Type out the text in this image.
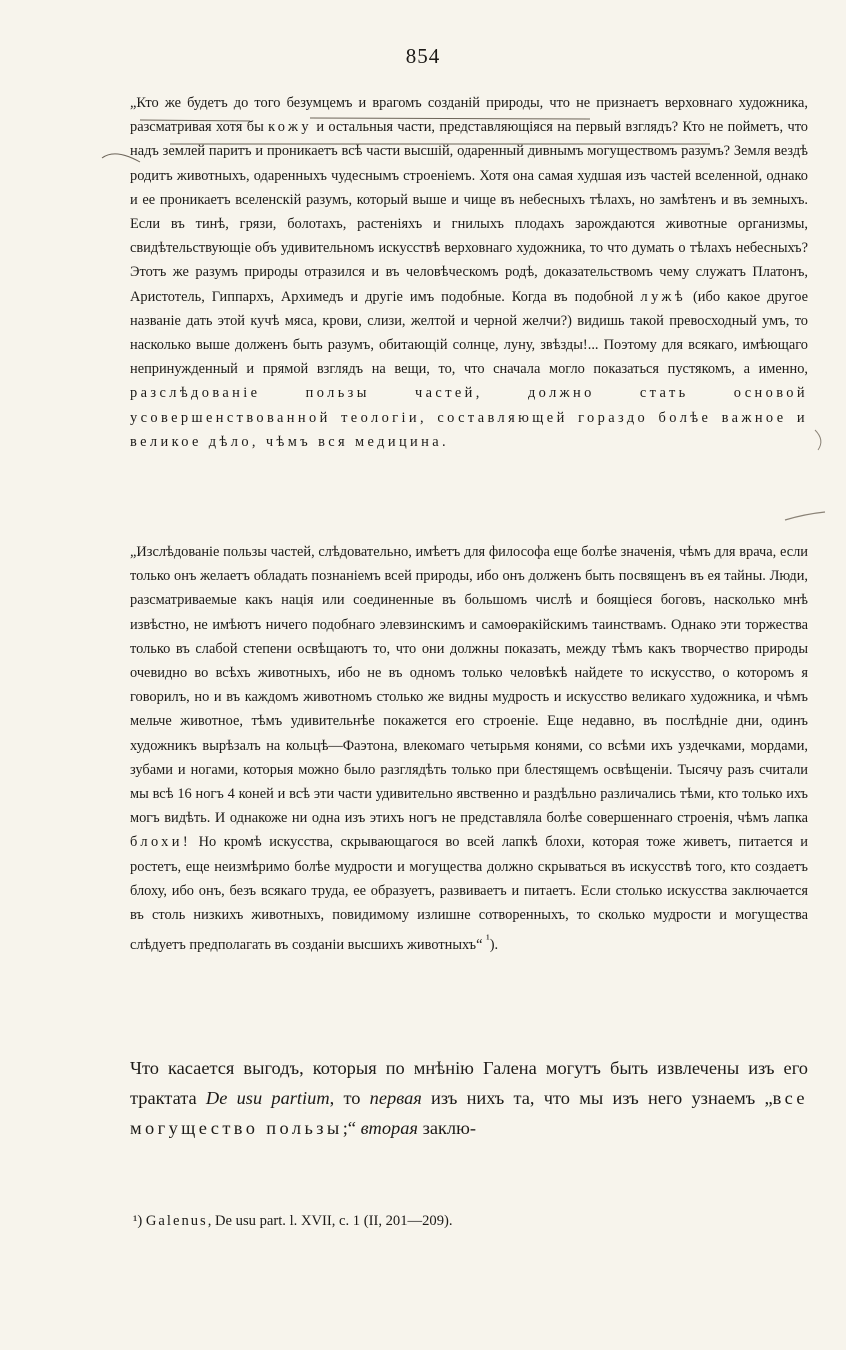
854

„Кто же будетъ до того безумцемъ и врагомъ созданій природы, что не признаетъ верховнаго художника, разсматривая хотя бы кожу и остальныя части, представляющіяся на первый взглядъ? Кто не пойметъ, что надъ землей паритъ и проникаетъ всѣ части высшій, одаренный дивнымъ могуществомъ разумъ? Земля вездѣ родитъ животныхъ, одаренныхъ чудеснымъ строеніемъ. Хотя она самая худшая изъ частей вселенной, однако и ее проникаетъ вселенскій разумъ, который выше и чище въ небесныхъ тѣлахъ, но замѣтенъ и въ земныхъ. Если въ тинѣ, грязи, болотахъ, растеніяхъ и гнилыхъ плодахъ зарождаются животные организмы, свидѣтельствующіе объ удивительномъ искусствѣ верховнаго художника, то что думать о тѣлахъ небесныхъ? Этотъ же разумъ природы отразился и въ человѣческомъ родѣ, доказательствомъ чему служатъ Платонъ, Аристотель, Гиппархъ, Архимедъ и другіе имъ подобные. Когда въ подобной лужѣ (ибо какое другое названіе дать этой кучѣ мяса, крови, слизи, желтой и черной желчи?) видишь такой превосходный умъ, то насколько выше долженъ быть разумъ, обитающій солнце, луну, звѣзды!... Поэтому для всякаго, имѣющаго непринужденный и прямой взглядъ на вещи, то, что сначала могло показаться пустякомъ, а именно, разслѣдованіе пользы частей, должно стать основой усовершенствованной теологіи, составляющей гораздо болѣе важное и великое дѣло, чѣмъ вся медицина.

„Изслѣдованіе пользы частей, слѣдовательно, имѣетъ для философа еще болѣе значенія, чѣмъ для врача, если только онъ желаетъ обладать познаніемъ всей природы, ибо онъ долженъ быть посвященъ въ ея тайны. Люди, разсматриваемые какъ нація или соединенные въ большомъ числѣ и боящіеся боговъ, насколько мнѣ извѣстно, не имѣютъ ничего подобнаго элевзинскимъ и самоѳракійскимъ таинствамъ. Однако эти торжества только въ слабой степени освѣщаютъ то, что они должны показать, между тѣмъ какъ творчество природы очевидно во всѣхъ животныхъ, ибо не въ одномъ только человѣкѣ найдете то искусство, о которомъ я говорилъ, но и въ каждомъ животномъ столько же видны мудрость и искусство великаго художника, и чѣмъ мельче животное, тѣмъ удивительнѣе покажется его строеніе. Еще недавно, въ послѣдніе дни, одинъ художникъ вырѣзалъ на кольцѣ—Фаэтона, влекомаго четырьмя конями, со всѣми ихъ уздечками, мордами, зубами и ногами, которыя можно было разглядѣть только при блестящемъ освѣщеніи. Тысячу разъ считали мы всѣ 16 ногъ 4 коней и всѣ эти части удивительно явственно и раздѣльно различались тѣми, кто только ихъ могъ видѣть. И однакоже ни одна изъ этихъ ногъ не представляла болѣе совершеннаго строенія, чѣмъ лапка блохи! Но кромѣ искусства, скрывающагося во всей лапкѣ блохи, которая тоже живетъ, питается и ростетъ, еще неизмѣримо болѣе мудрости и могущества должно скрываться въ искусствѣ того, кто создаетъ блоху, ибо онъ, безъ всякаго труда, ее образуетъ, развиваетъ и питаетъ. Если столько искусства заключается въ столь низкихъ животныхъ, повидимому излишне сотворенныхъ, то сколько мудрости и могущества слѣдуетъ предполагать въ созданіи высшихъ животныхъ“ $^{^1}$).

Что касается выгодъ, которыя по мнѣнію Галена могутъ быть извлечены изъ его трактата De usu partium, то первая изъ нихъ та, что мы изъ него узнаемъ „все могущество пользы;“ вторая заклю-
¹) Galenus, De usu part. l. XVII, c. 1 (II, 201—209).
